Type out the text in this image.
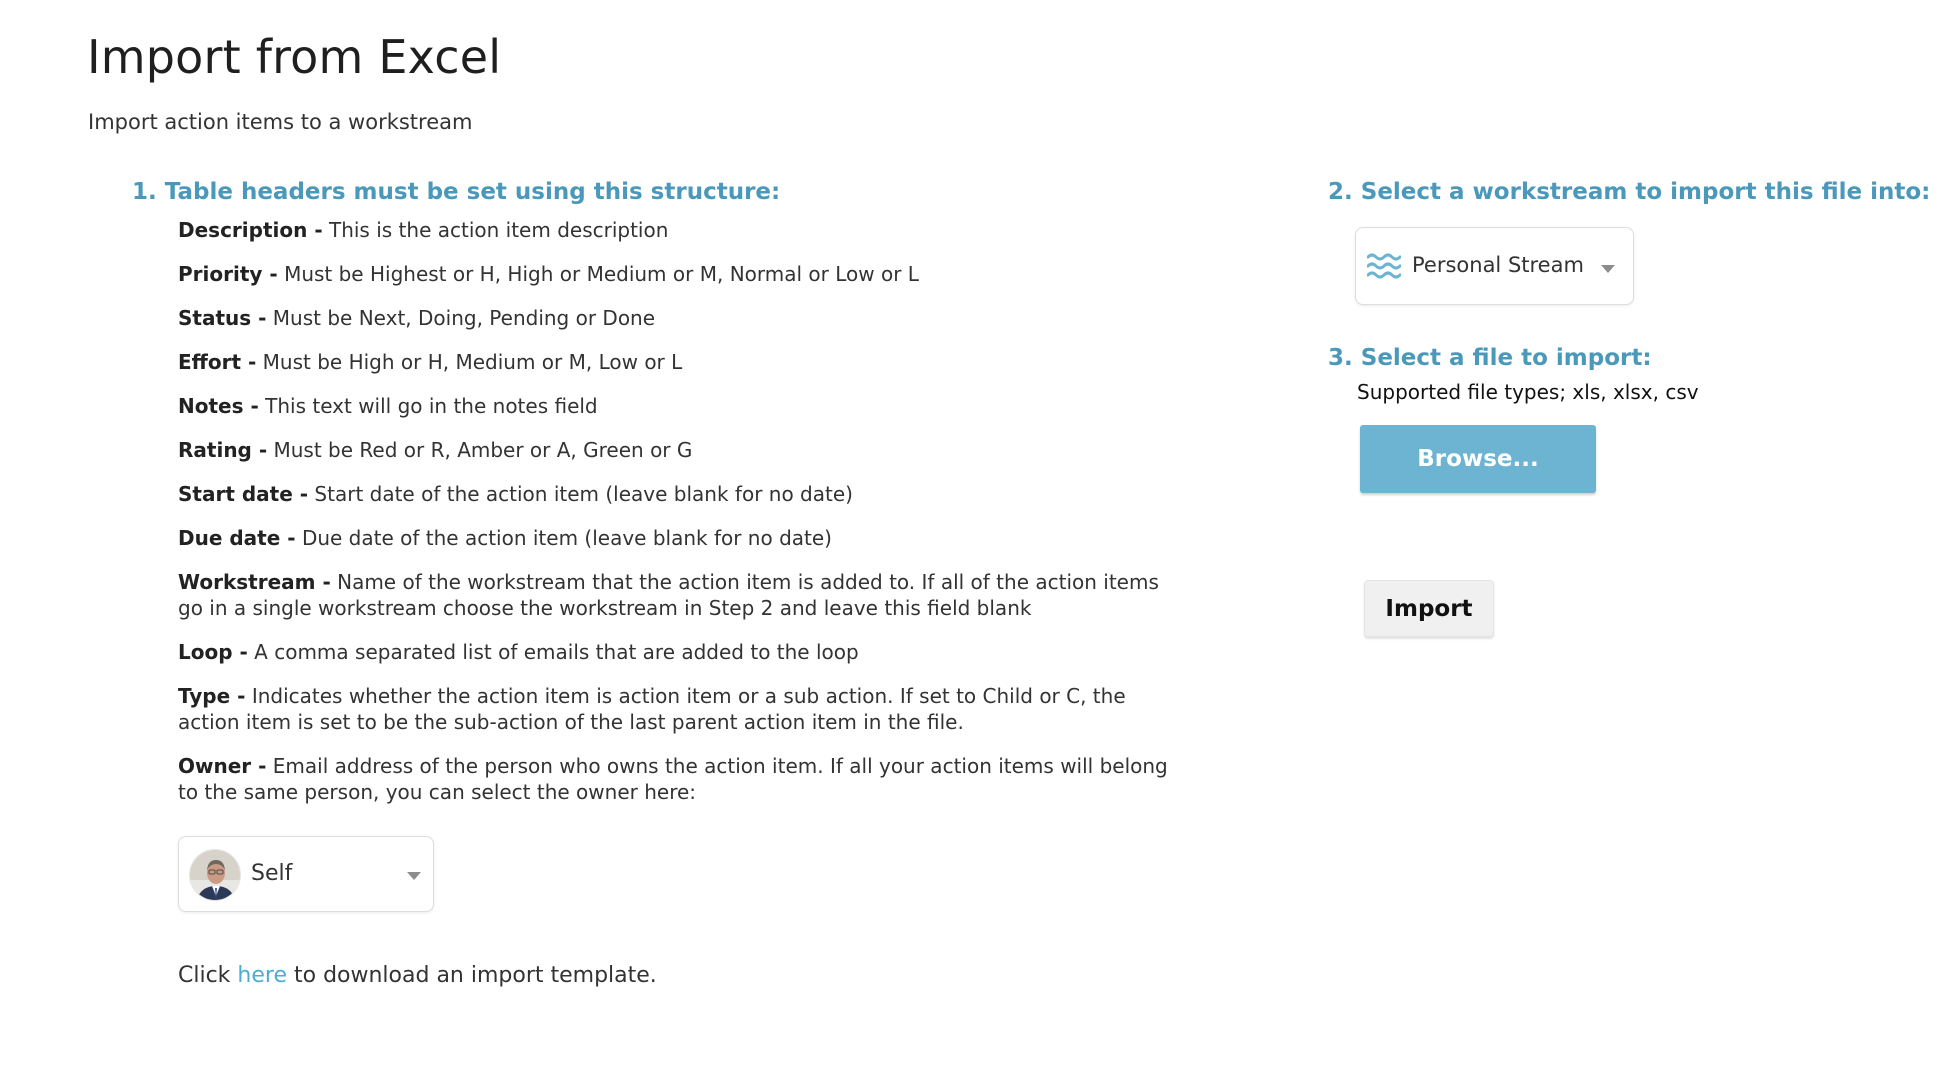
Import from Excel
Import action items to a workstream
1. Table headers must be set using this structure:
Description - This is the action item description
Priority - Must be Highest or H, High or Medium or M, Normal or Low or L
Status - Must be Next, Doing, Pending or Done
Effort - Must be High or H, Medium or M, Low or L
Notes - This text will go in the notes field
Rating - Must be Red or R, Amber or A, Green or G
Start date - Start date of the action item (leave blank for no date)
Due date - Due date of the action item (leave blank for no date)
Workstream - Name of the workstream that the action item is added to. If all of the action items go in a single workstream choose the workstream in Step 2 and leave this field blank
Loop - A comma separated list of emails that are added to the loop
Type - Indicates whether the action item is action item or a sub action. If set to Child or C, the action item is set to be the sub-action of the last parent action item in the file.
Owner - Email address of the person who owns the action item. If all your action items will belong to the same person, you can select the owner here:
Self
Click here to download an import template.
2. Select a workstream to import this file into:
Personal Stream
3. Select a file to import:
Supported file types; xls, xlsx, csv
Browse...
Import
